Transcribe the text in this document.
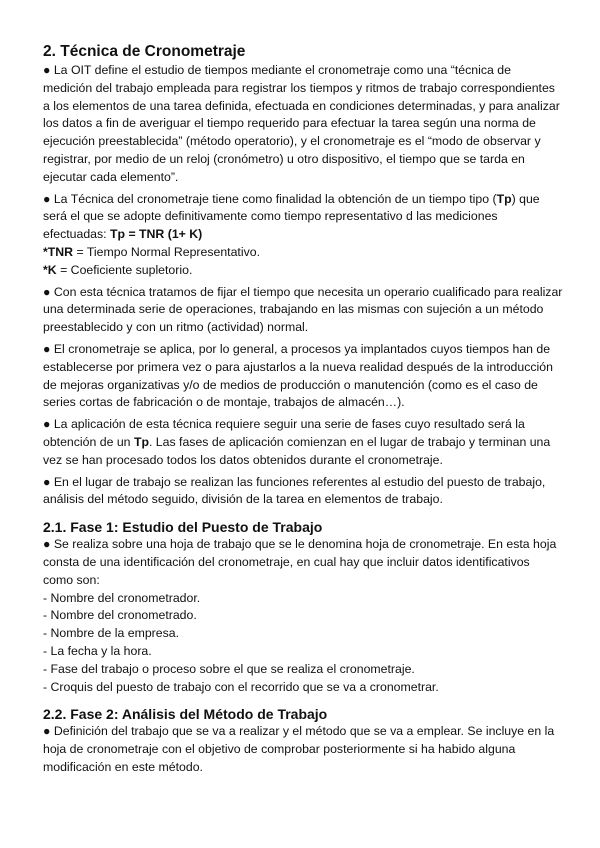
2. Técnica de Cronometraje

● La OIT define el estudio de tiempos mediante el cronometraje como una “técnica de medición del trabajo empleada para registrar los tiempos y ritmos de trabajo correspondientes a los elementos de una tarea definida, efectuada en condiciones determinadas, y para analizar los datos a fin de averiguar el tiempo requerido para efectuar la tarea según una norma de ejecución preestablecida” (método operatorio), y el cronometraje es el “modo de observar y registrar, por medio de un reloj (cronómetro) u otro dispositivo, el tiempo que se tarda en ejecutar cada elemento”.

● La Técnica del cronometraje tiene como finalidad la obtención de un tiempo tipo (Tp) que será el que se adopte definitivamente como tiempo representativo d las mediciones efectuadas: Tp = TNR (1+ K)

*TNR = Tiempo Normal Representativo.

*K = Coeficiente supletorio.

● Con esta técnica tratamos de fijar el tiempo que necesita un operario cualificado para realizar una determinada serie de operaciones, trabajando en las mismas con sujeción a un método preestablecido y con un ritmo (actividad) normal.

● El cronometraje se aplica, por lo general, a procesos ya implantados cuyos tiempos han de establecerse por primera vez o para ajustarlos a la nueva realidad después de la introducción de mejoras organizativas y/o de medios de producción o manutención (como es el caso de series cortas de fabricación o de montaje, trabajos de almacén…).

● La aplicación de esta técnica requiere seguir una serie de fases cuyo resultado será la obtención de un Tp. Las fases de aplicación comienzan en el lugar de trabajo y terminan una vez se han procesado todos los datos obtenidos durante el cronometraje.

● En el lugar de trabajo se realizan las funciones referentes al estudio del puesto de trabajo, análisis del método seguido, división de la tarea en elementos de trabajo.

2.1. Fase 1: Estudio del Puesto de Trabajo

● Se realiza sobre una hoja de trabajo que se le denomina hoja de cronometraje. En esta hoja consta de una identificación del cronometraje, en cual hay que incluir datos identificativos como son:

- Nombre del cronometrador.

- Nombre del cronometrado.

- Nombre de la empresa.

- La fecha y la hora.

- Fase del trabajo o proceso sobre el que se realiza el cronometraje.

- Croquis del puesto de trabajo con el recorrido que se va a cronometrar.

2.2. Fase 2: Análisis del Método de Trabajo

● Definición del trabajo que se va a realizar y el método que se va a emplear. Se incluye en la hoja de cronometraje con el objetivo de comprobar posteriormente si ha habido alguna modificación en este método.
